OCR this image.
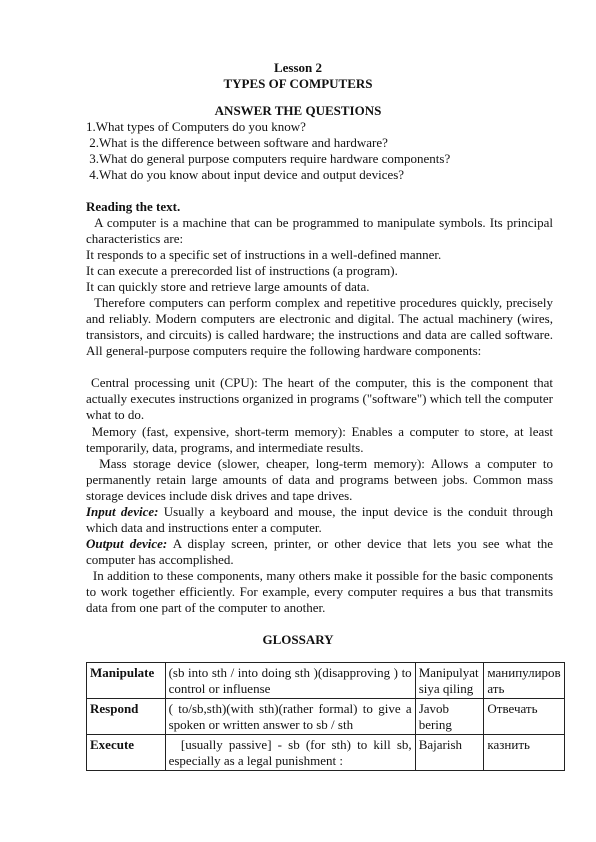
Lesson 2
TYPES OF COMPUTERS
ANSWER THE QUESTIONS
1.What types of Computers do you know?
2.What is the difference between software and hardware?
3.What do general purpose computers require hardware components?
4.What do you know about input device and output devices?
Reading the text.
A computer is a machine that can be programmed to manipulate symbols. Its principal characteristics are:
It responds to a specific set of instructions in a well-defined manner.
It can execute a prerecorded list of instructions (a program).
It can quickly store and retrieve large amounts of data.
Therefore computers can perform complex and repetitive procedures quickly, precisely and reliably. Modern computers are electronic and digital. The actual machinery (wires, transistors, and circuits) is called hardware; the instructions and data are called software. All general-purpose computers require the following hardware components:
Central processing unit (CPU): The heart of the computer, this is the component that actually executes instructions organized in programs ("software") which tell the computer what to do.
Memory (fast, expensive, short-term memory): Enables a computer to store, at least temporarily, data, programs, and intermediate results.
Mass storage device (slower, cheaper, long-term memory): Allows a computer to permanently retain large amounts of data and programs between jobs. Common mass storage devices include disk drives and tape drives.
Input device: Usually a keyboard and mouse, the input device is the conduit through which data and instructions enter a computer.
Output device: A display screen, printer, or other device that lets you see what the computer has accomplished.
In addition to these components, many others make it possible for the basic components to work together efficiently. For example, every computer requires a bus that transmits data from one part of the computer to another.
GLOSSARY
Manipulate	(sb into sth / into doing sth )(disapproving ) to control or influense	Manipulyatsiya qiling	манипулировать
Respond	( to/sb,sth)(with sth)(rather formal) to give a spoken or written answer to sb / sth	Javob bering	Отвечать
Execute	[usually passive] - sb (for sth) to kill sb, especially as a legal punishment :	Bajarish	казнить
